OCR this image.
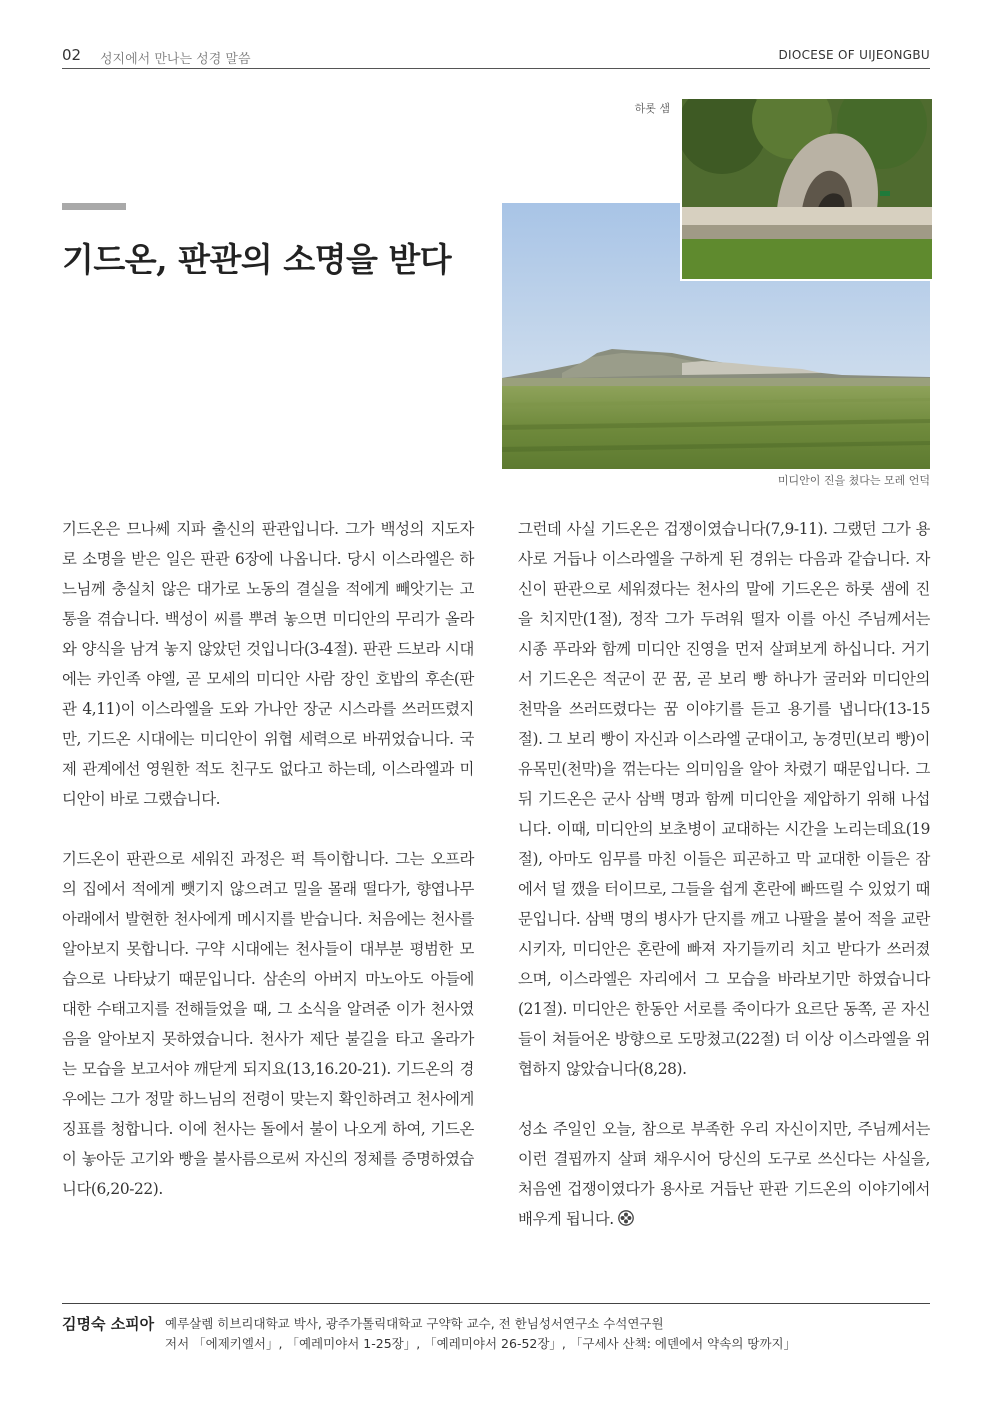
02 성지에서 만나는 성경 말씀	DIOCESE OF UIJEONGBU
기드온, 판관의 소명을 받다
하롯 샘
미디안이 진을 쳤다는 모레 언덕

기드온은 므나쎄 지파 출신의 판관입니다. 그가 백성의 지도자로 소명을 받은 일은 판관 6장에 나옵니다. 당시 이스라엘은 하느님께 충실치 않은 대가로 노동의 결실을 적에게 빼앗기는 고통을 겪습니다. 백성이 씨를 뿌려 놓으면 미디안의 무리가 올라와 양식을 남겨 놓지 않았던 것입니다(3-4절). 판관 드보라 시대에는 카인족 야엘, 곧 모세의 미디안 사람 장인 호밥의 후손(판관 4,11)이 이스라엘을 도와 가나안 장군 시스라를 쓰러뜨렸지만, 기드온 시대에는 미디안이 위협 세력으로 바뀌었습니다. 국제 관계에선 영원한 적도 친구도 없다고 하는데, 이스라엘과 미디안이 바로 그랬습니다.

기드온이 판관으로 세워진 과정은 퍽 특이합니다. 그는 오프라의 집에서 적에게 뺏기지 않으려고 밀을 몰래 떨다가, 향엽나무 아래에서 발현한 천사에게 메시지를 받습니다. 처음에는 천사를 알아보지 못합니다. 구약 시대에는 천사들이 대부분 평범한 모습으로 나타났기 때문입니다. 삼손의 아버지 마노아도 아들에 대한 수태고지를 전해들었을 때, 그 소식을 알려준 이가 천사였음을 알아보지 못하였습니다. 천사가 제단 불길을 타고 올라가는 모습을 보고서야 깨닫게 되지요(13,16.20-21). 기드온의 경우에는 그가 정말 하느님의 전령이 맞는지 확인하려고 천사에게 징표를 청합니다. 이에 천사는 돌에서 불이 나오게 하여, 기드온이 놓아둔 고기와 빵을 불사름으로써 자신의 정체를 증명하였습니다(6,20-22).

그런데 사실 기드온은 겁쟁이였습니다(7,9-11). 그랬던 그가 용사로 거듭나 이스라엘을 구하게 된 경위는 다음과 같습니다. 자신이 판관으로 세워졌다는 천사의 말에 기드온은 하롯 샘에 진을 치지만(1절), 정작 그가 두려워 떨자 이를 아신 주님께서는 시종 푸라와 함께 미디안 진영을 먼저 살펴보게 하십니다. 거기서 기드온은 적군이 꾼 꿈, 곧 보리 빵 하나가 굴러와 미디안의 천막을 쓰러뜨렸다는 꿈 이야기를 듣고 용기를 냅니다(13-15절). 그 보리 빵이 자신과 이스라엘 군대이고, 농경민(보리 빵)이 유목민(천막)을 꺾는다는 의미임을 알아 차렸기 때문입니다. 그 뒤 기드온은 군사 삼백 명과 함께 미디안을 제압하기 위해 나섭니다. 이때, 미디안의 보초병이 교대하는 시간을 노리는데요(19절), 아마도 임무를 마친 이들은 피곤하고 막 교대한 이들은 잠에서 덜 깼을 터이므로, 그들을 쉽게 혼란에 빠뜨릴 수 있었기 때문입니다. 삼백 명의 병사가 단지를 깨고 나팔을 불어 적을 교란시키자, 미디안은 혼란에 빠져 자기들끼리 치고 받다가 쓰러졌으며, 이스라엘은 자리에서 그 모습을 바라보기만 하였습니다(21절). 미디안은 한동안 서로를 죽이다가 요르단 동쪽, 곧 자신들이 쳐들어온 방향으로 도망쳤고(22절) 더 이상 이스라엘을 위협하지 않았습니다(8,28).

성소 주일인 오늘, 참으로 부족한 우리 자신이지만, 주님께서는 이런 결핍까지 살펴 채우시어 당신의 도구로 쓰신다는 사실을, 처음엔 겁쟁이였다가 용사로 거듭난 판관 기드온의 이야기에서 배우게 됩니다.

김명숙 소피아 예루살렘 히브리대학교 박사, 광주가톨릭대학교 구약학 교수, 전 한님성서연구소 수석연구원
저서 「에제키엘서」, 「예레미야서 1-25장」, 「예레미야서 26-52장」, 「구세사 산책: 에덴에서 약속의 땅까지」
